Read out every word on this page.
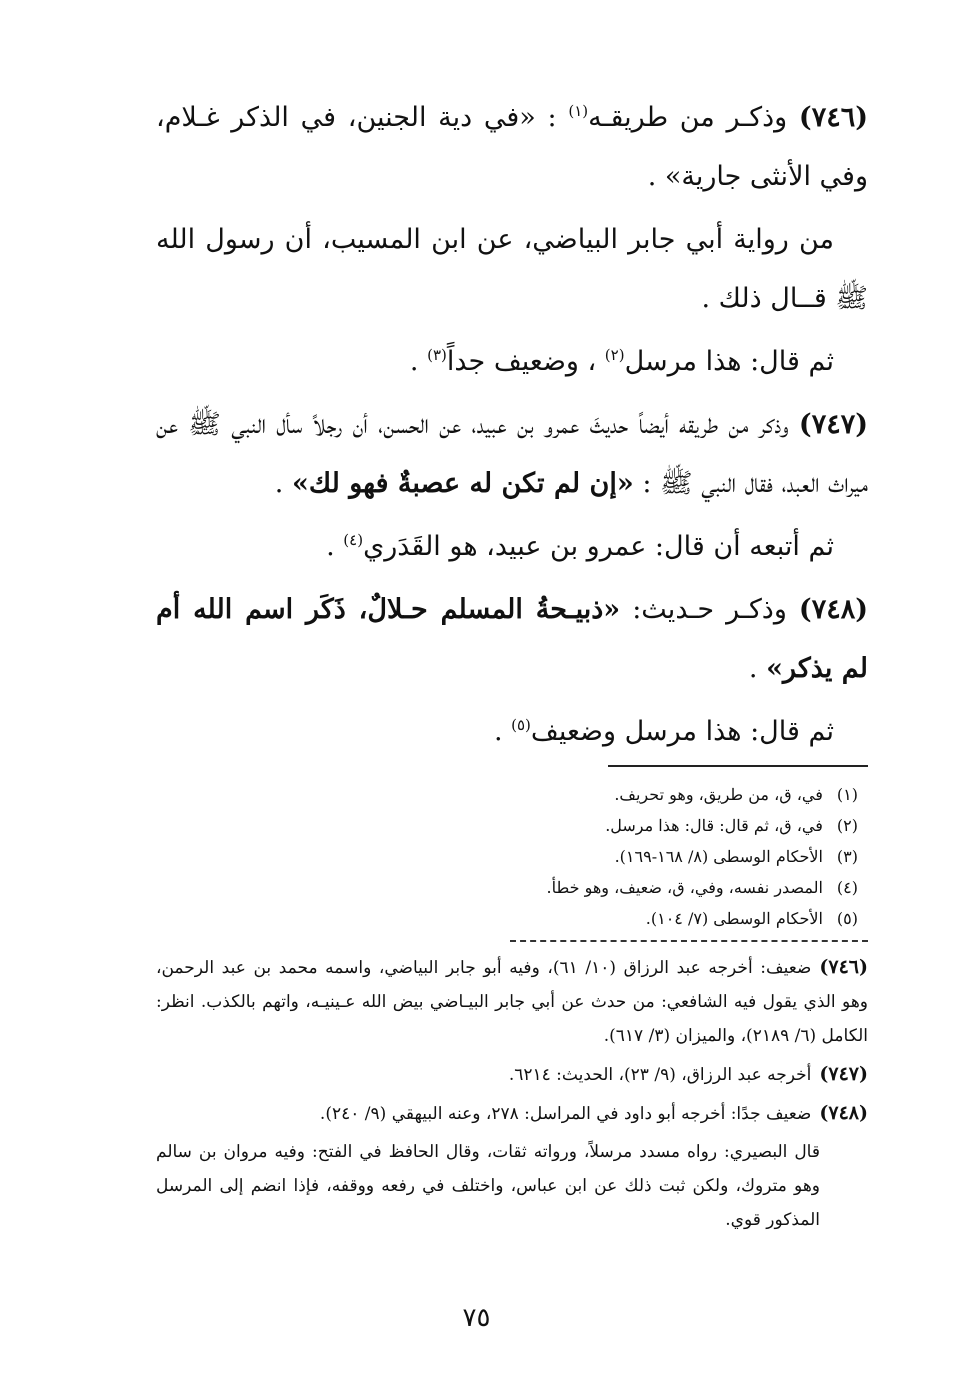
(٧٤٦) وذكـر من طريقـه$^{(١)}$ : «في دية الجنين، في الذكر غـلام، وفي الأنثى جارية» .

من رواية أبي جابر البياضي، عن ابن المسيب، أن رسول الله ﷺ قــال ذلك .

ثم قال: هذا مرسل$^{(٢)}$ ، وضعيف جداً$^{(٣)}$ .

(٧٤٧) وذكر من طريقه أيضاً حديثَ عمرو بن عبيد، عن الحسن، أن رجلاً سأل النبي ﷺ عن ميراث العبد، فقال النبي ﷺ : «إن لم تكن له عصبةٌ فهو لك» .

ثم أتبعه أن قال: عمرو بن عبيد، هو القَدَري$^{(٤)}$ .

(٧٤٨) وذكـر حـديث: «ذبيـحةُ المسلم حـلالٌ، ذَكَر اسم الله أم لم يذكر» .

ثم قال: هذا مرسل وضعيف$^{(٥)}$ .

(١)في، ق، من طريق، وهو تحريف.
(٢)في، ق، ثم قال: قال: هذا مرسل.
(٣)الأحكام الوسطى (٨/ ١٦٨-١٦٩).
(٤)المصدر نفسه، وفي، ق، ضعيف، وهو خطأ.
(٥)الأحكام الوسطى (٧/ ١٠٤).

(٧٤٦)ضعيف: أخرجه عبد الرزاق (١٠/ ٦١)، وفيه أبو جابر البياضي، واسمه محمد بن عبد الرحمن، وهو الذي يقول فيه الشافعي: من حدث عن أبي جابر البيـاضي بيض الله عـينيـه، واتهم بالكذب. انظر: الكامل (٦/ ٢١٨٩)، والميزان (٣/ ٦١٧).

(٧٤٧)أخرجه عبد الرزاق، (٩/ ٢٣)، الحديث: ٦٢١٤.

(٧٤٨)ضعيف جدًا: أخرجه أبو داود في المراسل: ٢٧٨، وعنه البيهقي (٩/ ٢٤٠).

قال البصيري: رواه مسدد مرسلاً، ورواته ثقات، وقال الحافظ في الفتح: وفيه مروان بن سالم وهو متروك، ولكن ثبت ذلك عن ابن عباس، واختلف في رفعه ووقفه، فإذا انضم إلى المرسل المذكور قوي.

٧٥
